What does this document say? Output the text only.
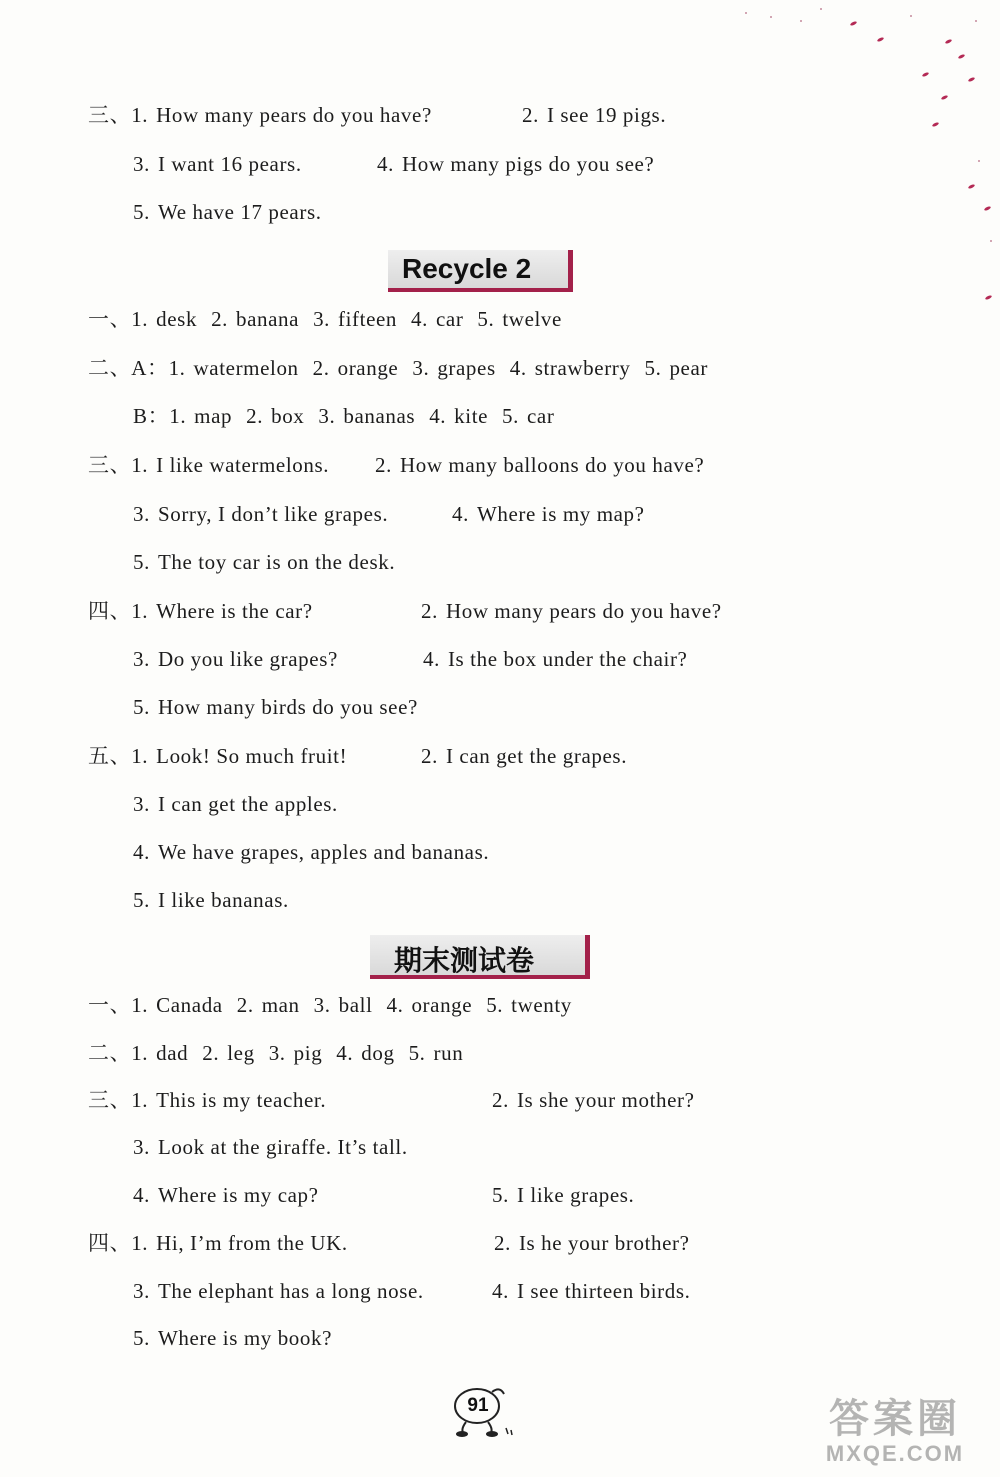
三、1. How many pears do you have?	2. I see 19 pigs.
3. I want 16 pears.	4. How many pigs do you see?
5. We have 17 pears.
Recycle 2
一、1. desk 2. banana 3. fifteen 4. car 5. twelve
二、A：1. watermelon 2. orange 3. grapes 4. strawberry 5. pear
B：1. map 2. box 3. bananas 4. kite 5. car
三、1. I like watermelons. 2. How many balloons do you have?
3. Sorry, I don’t like grapes.	4. Where is my map?
5. The toy car is on the desk.
四、1. Where is the car?	2. How many pears do you have?
3. Do you like grapes?	4. Is the box under the chair?
5. How many birds do you see?
五、1. Look! So much fruit!	2. I can get the grapes.
3. I can get the apples.
4. We have grapes, apples and bananas.
5. I like bananas.
期末测试卷
一、1. Canada 2. man 3. ball 4. orange 5. twenty
二、1. dad 2. leg 3. pig 4. dog 5. run
三、1. This is my teacher.	2. Is she your mother?
3. Look at the giraffe. It’s tall.
4. Where is my cap?	5. I like grapes.
四、1. Hi, I’m from the UK.	2. Is he your brother?
3. The elephant has a long nose.	4. I see thirteen birds.
5. Where is my book?
91	答案圈
MXQE.COM
